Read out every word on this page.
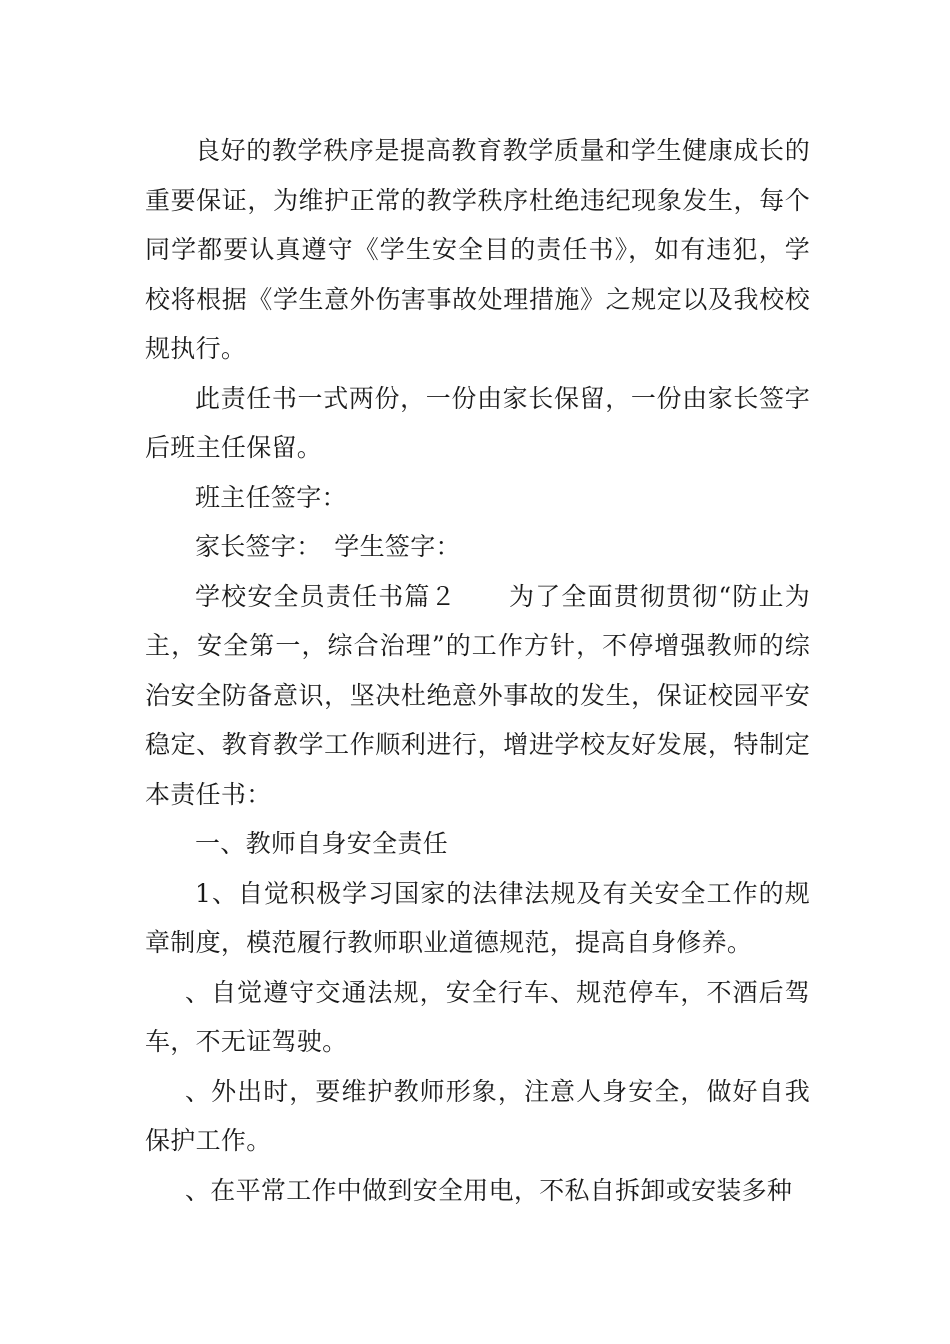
良好的教学秩序是提高教育教学质量和学生健康成长的重要保证，为维护正常的教学秩序杜绝违纪现象发生，每个同学都要认真遵守《学生安全目的责任书》，如有违犯，学校将根据《学生意外伤害事故处理措施》之规定以及我校校规执行。

此责任书一式两份，一份由家长保留，一份由家长签字后班主任保留。

班主任签字：

家长签字：　学生签字：

学校安全员责任书篇２　　为了全面贯彻贯彻“防止为主，安全第一，综合治理”的工作方针，不停增强教师的综治安全防备意识，坚决杜绝意外事故的发生，保证校园平安稳定、教育教学工作顺利进行，增进学校友好发展，特制定本责任书：

一、教师自身安全责任

1、自觉积极学习国家的法律法规及有关安全工作的规章制度，模范履行教师职业道德规范，提高自身修养。

、自觉遵守交通法规，安全行车、规范停车，不酒后驾车，不无证驾驶。

、外出时，要维护教师形象，注意人身安全，做好自我保护工作。

、在平常工作中做到安全用电，不私自拆卸或安装多种
